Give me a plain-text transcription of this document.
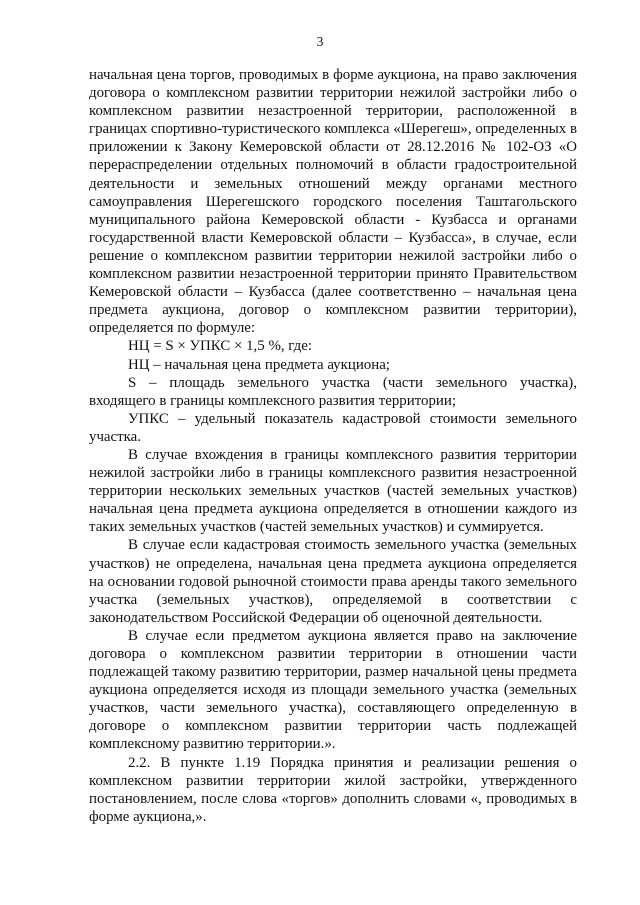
3

начальная цена торгов, проводимых в форме аукциона, на право заключения договора о комплексном развитии территории нежилой застройки либо о комплексном развитии незастроенной территории, расположенной в границах спортивно-туристического комплекса «Шерегеш», определенных в приложении к Закону Кемеровской области от 28.12.2016 № 102-ОЗ «О перераспределении отдельных полномочий в области градостроительной деятельности и земельных отношений между органами местного самоуправления Шерегешского городского поселения Таштагольского муниципального района Кемеровской области - Кузбасса и органами государственной власти Кемеровской области – Кузбасса», в случае, если решение о комплексном развитии территории нежилой застройки либо о комплексном развитии незастроенной территории принято Правительством Кемеровской области – Кузбасса (далее соответственно – начальная цена предмета аукциона, договор о комплексном развитии территории), определяется по формуле:

НЦ = S × УПКС × 1,5 %, где:

НЦ – начальная цена предмета аукциона;

S – площадь земельного участка (части земельного участка), входящего в границы комплексного развития территории;

УПКС – удельный показатель кадастровой стоимости земельного участка.

В случае вхождения в границы комплексного развития территории нежилой застройки либо в границы комплексного развития незастроенной территории нескольких земельных участков (частей земельных участков) начальная цена предмета аукциона определяется в отношении каждого из таких земельных участков (частей земельных участков) и суммируется.

В случае если кадастровая стоимость земельного участка (земельных участков) не определена, начальная цена предмета аукциона определяется на основании годовой рыночной стоимости права аренды такого земельного участка (земельных участков), определяемой в соответствии с законодательством Российской Федерации об оценочной деятельности.

В случае если предметом аукциона является право на заключение договора о комплексном развитии территории в отношении части подлежащей такому развитию территории, размер начальной цены предмета аукциона определяется исходя из площади земельного участка (земельных участков, части земельного участка), составляющего определенную в договоре о комплексном развитии территории часть подлежащей комплексному развитию территории.».

2.2. В пункте 1.19 Порядка принятия и реализации решения о комплексном развитии территории жилой застройки, утвержденного постановлением, после слова «торгов» дополнить словами «, проводимых в форме аукциона,».
